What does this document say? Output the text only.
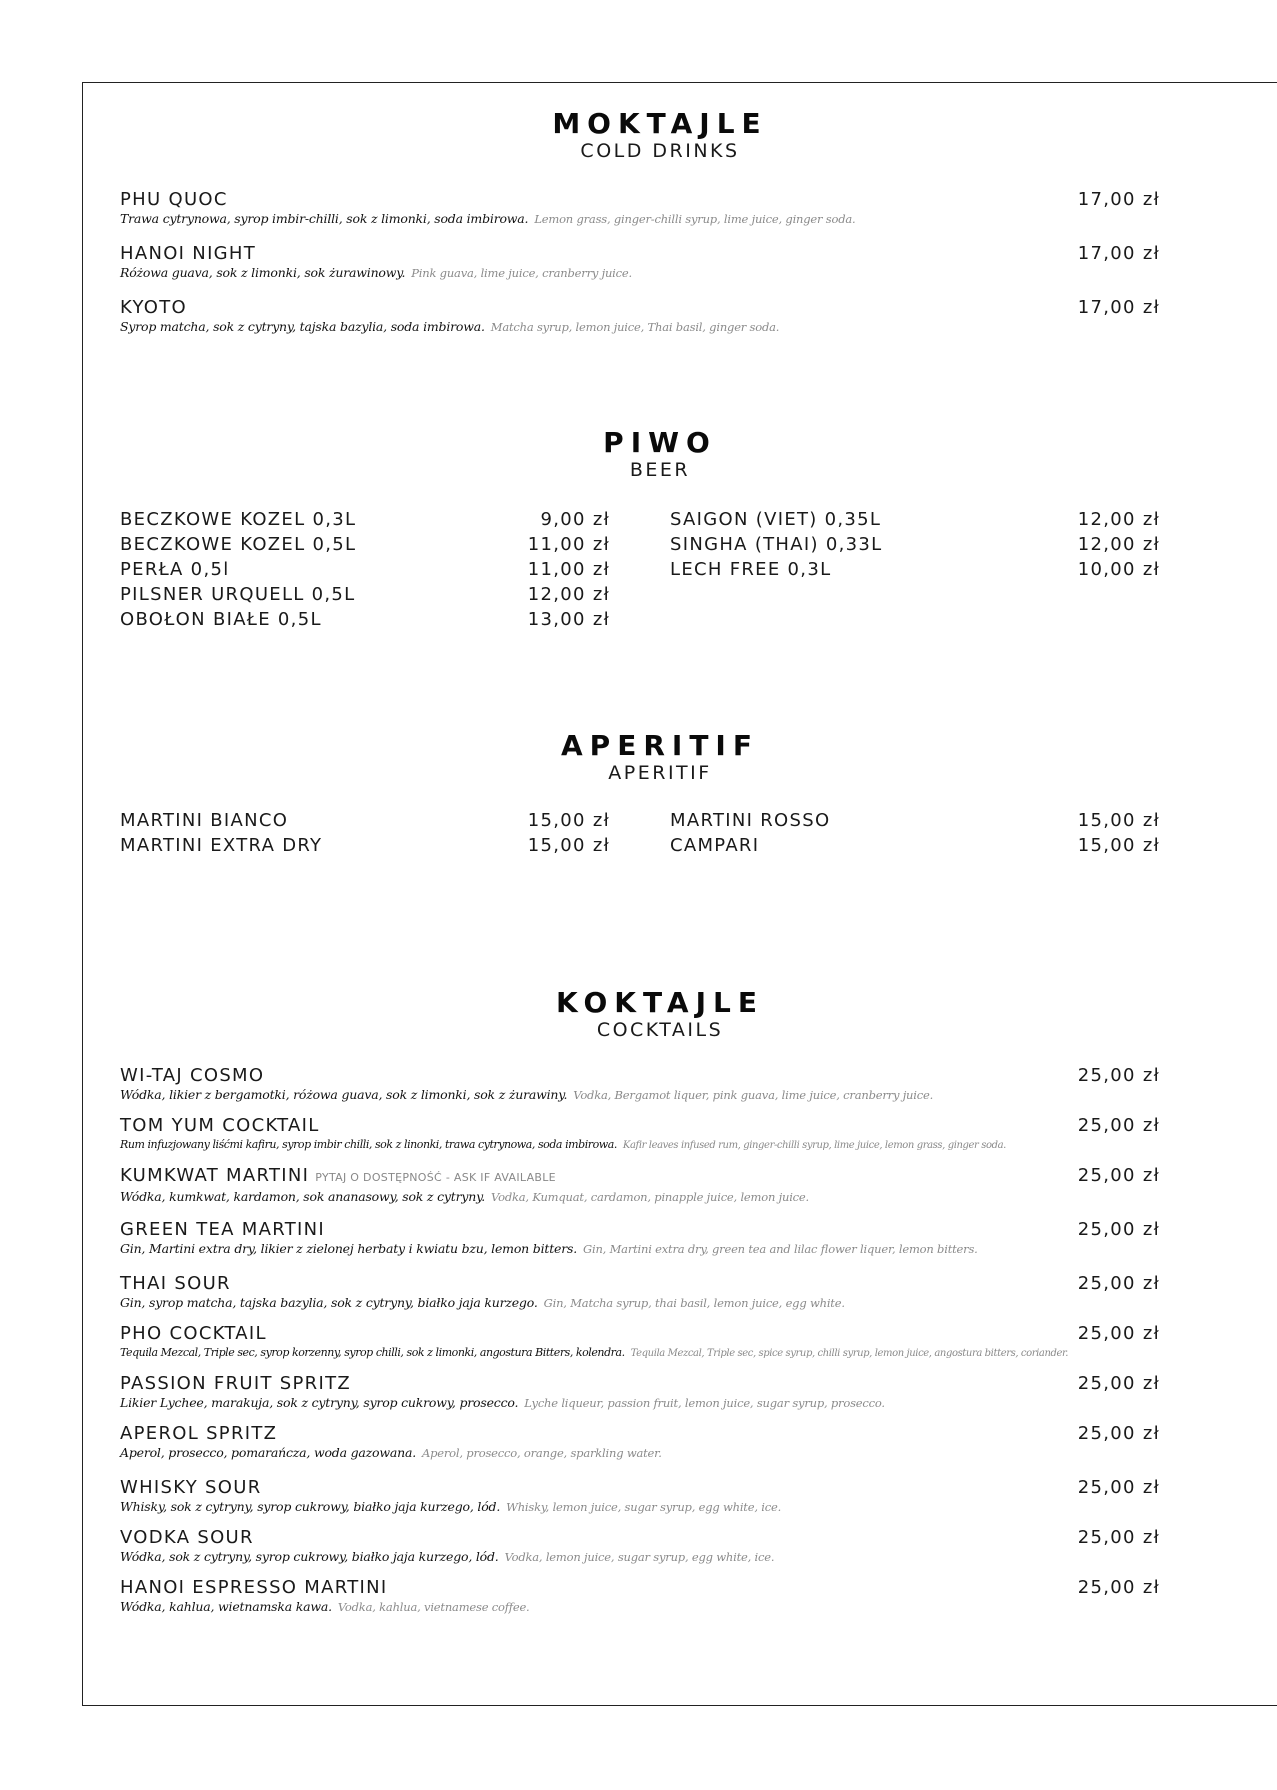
MOKTAJLE
COLD DRINKS
PHU QUOC	17,00 zł
Trawa cytrynowa, syrop imbir-chilli, sok z limonki, soda imbirowa. Lemon grass, ginger-chilli syrup, lime juice, ginger soda.
HANOI NIGHT	17,00 zł
Różowa guava, sok z limonki, sok żurawinowy. Pink guava, lime juice, cranberry juice.
KYOTO	17,00 zł
Syrop matcha, sok z cytryny, tajska bazylia, soda imbirowa. Matcha syrup, lemon juice, Thai basil, ginger soda.
PIWO
BEER
BECZKOWE KOZEL 0,3L	9,00 zł
BECZKOWE KOZEL 0,5L	11,00 zł
PERŁA 0,5l	11,00 zł
PILSNER URQUELL 0,5L	12,00 zł
OBOŁON BIAŁE 0,5L	13,00 zł
SAIGON (VIET) 0,35L	12,00 zł
SINGHA (THAI) 0,33L	12,00 zł
LECH FREE 0,3L	10,00 zł
APERITIF
APERITIF
MARTINI BIANCO	15,00 zł
MARTINI EXTRA DRY	15,00 zł
MARTINI ROSSO	15,00 zł
CAMPARI	15,00 zł
KOKTAJLE
COCKTAILS
WI-TAJ COSMO	25,00 zł
Wódka, likier z bergamotki, różowa guava, sok z limonki, sok z żurawiny. Vodka, Bergamot liquer, pink guava, lime juice, cranberry juice.
TOM YUM COCKTAIL	25,00 zł
Rum infuzjowany liśćmi kafiru, syrop imbir chilli, sok z linonki, trawa cytrynowa, soda imbirowa. Kafir leaves infused rum, ginger-chilli syrup, lime juice, lemon grass, ginger soda.
KUMKWAT MARTINI PYTAJ O DOSTĘPNOŚĆ - ASK IF AVAILABLE	25,00 zł
Wódka, kumkwat, kardamon, sok ananasowy, sok z cytryny. Vodka, Kumquat, cardamon, pinapple juice, lemon juice.
GREEN TEA MARTINI	25,00 zł
Gin, Martini extra dry, likier z zielonej herbaty i kwiatu bzu, lemon bitters. Gin, Martini extra dry, green tea and lilac flower liquer, lemon bitters.
THAI SOUR	25,00 zł
Gin, syrop matcha, tajska bazylia, sok z cytryny, białko jaja kurzego. Gin, Matcha syrup, thai basil, lemon juice, egg white.
PHO COCKTAIL	25,00 zł
Tequila Mezcal, Triple sec, syrop korzenny, syrop chilli, sok z limonki, angostura Bitters, kolendra. Tequila Mezcal, Triple sec, spice syrup, chilli syrup, lemon juice, angostura bitters, coriander.
PASSION FRUIT SPRITZ	25,00 zł
Likier Lychee, marakuja, sok z cytryny, syrop cukrowy, prosecco. Lyche liqueur, passion fruit, lemon juice, sugar syrup, prosecco.
APEROL SPRITZ	25,00 zł
Aperol, prosecco, pomarańcza, woda gazowana. Aperol, prosecco, orange, sparkling water.
WHISKY SOUR	25,00 zł
Whisky, sok z cytryny, syrop cukrowy, białko jaja kurzego, lód. Whisky, lemon juice, sugar syrup, egg white, ice.
VODKA SOUR	25,00 zł
Wódka, sok z cytryny, syrop cukrowy, białko jaja kurzego, lód. Vodka, lemon juice, sugar syrup, egg white, ice.
HANOI ESPRESSO MARTINI	25,00 zł
Wódka, kahlua, wietnamska kawa. Vodka, kahlua, vietnamese coffee.
